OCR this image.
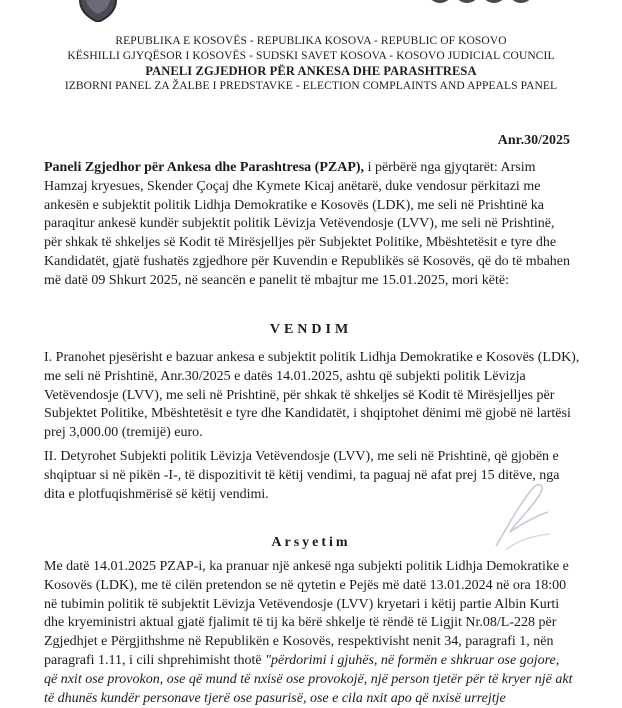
REPUBLIKA E KOSOVËS - REPUBLIKA KOSOVA - REPUBLIC OF KOSOVO
KËSHILLI GJYQËSOR I KOSOVËS - SUDSKI SAVET KOSOVA - KOSOVO JUDICIAL COUNCIL
PANELI ZGJEDHOR PËR ANKESA DHE PARASHTRESA
IZBORNI PANEL ZA ŽALBE I PREDSTAVKE - ELECTION COMPLAINTS AND APPEALS PANEL
Anr.30/2025
Paneli Zgjedhor për Ankesa dhe Parashtresa (PZAP), i përbërë nga gjyqtarët: Arsim
Hamzaj kryesues, Skender Çoçaj dhe Kymete Kicaj anëtarë, duke vendosur përkitazi me
ankesën e subjektit politik Lidhja Demokratike e Kosovës (LDK), me seli në Prishtinë ka
paraqitur ankesë kundër subjektit politik Lëvizja Vetëvendosje (LVV), me seli në Prishtinë,
për shkak të shkeljes së Kodit të Mirësjelljes për Subjektet Politike, Mbështetësit e tyre dhe
Kandidatët, gjatë fushatës zgjedhore për Kuvendin e Republikës së Kosovës, që do të mbahen
më datë 09 Shkurt 2025, në seancën e panelit të mbajtur me 15.01.2025, mori këtë:
VENDIM
I. Pranohet pjesërisht e bazuar ankesa e subjektit politik Lidhja Demokratike e Kosovës (LDK),
me seli në Prishtinë, Anr.30/2025 e datës 14.01.2025, ashtu që subjekti politik Lëvizja
Vetëvendosje (LVV), me seli në Prishtinë, për shkak të shkeljes së Kodit të Mirësjelljes për
Subjektet Politike, Mbështetësit e tyre dhe Kandidatët, i shqiptohet dënimi më gjobë në lartësi
prej 3,000.00 (tremijë) euro.
II. Detyrohet Subjekti politik Lëvizja Vetëvendosje (LVV), me seli në Prishtinë, që gjobën e
shqiptuar si në pikën -I-, të dispozitivit të këtij vendimi, ta paguaj në afat prej 15 ditëve, nga
dita e plotfuqishmërisë së këtij vendimi.
Arsyetim
Me datë 14.01.2025 PZAP-i, ka pranuar një ankesë nga subjekti politik Lidhja Demokratike e
Kosovës (LDK), me të cilën pretendon se në qytetin e Pejës më datë 13.01.2024 në ora 18:00
në tubimin politik të subjektit Lëvizja Vetëvendosje (LVV) kryetari i këtij partie Albin Kurti
dhe kryeministri aktual gjatë fjalimit të tij ka bërë shkelje të rëndë të Ligjit Nr.08/L-228 për
Zgjedhjet e Përgjithshme në Republikën e Kosovës, respektivisht nenit 34, paragrafi 1, nën
paragrafi 1.11, i cili shprehimisht thotë "përdorimi i gjuhës, në formën e shkruar ose gojore,
që nxit ose provokon, ose që mund të nxisë ose provokojë, një person tjetër për të kryer një akt
të dhunës kundër personave tjerë ose pasurisë, ose e cila nxit apo që nxisë urrejtje
